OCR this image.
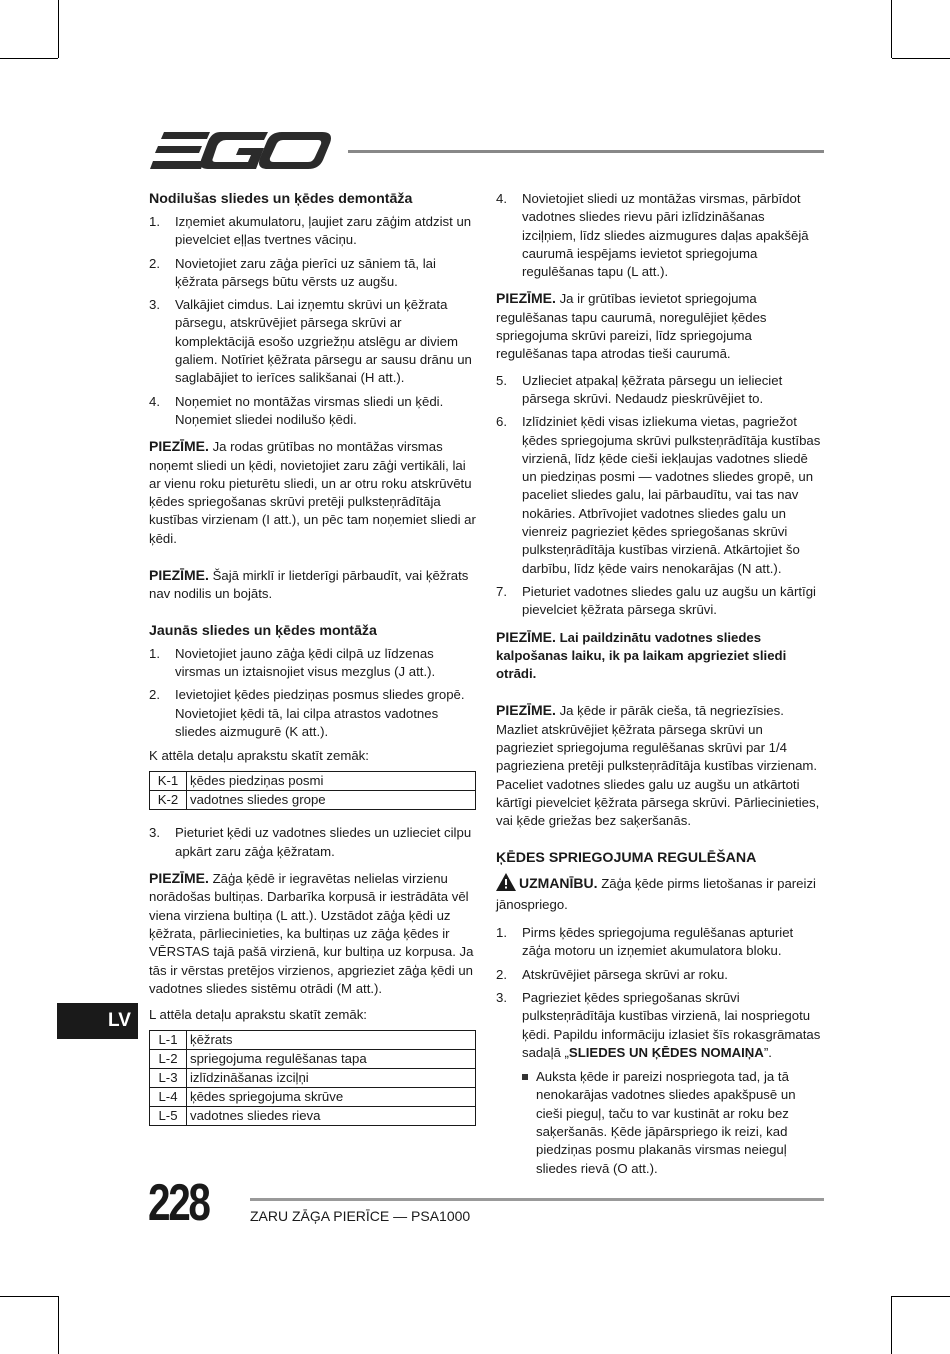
LV
Nodilušas sliedes un ķēdes demontāža
1. Izņemiet akumulatoru, ļaujiet zaru zāģim atdzist un pievelciet eļļas tvertnes vāciņu.
2. Novietojiet zaru zāģa pierīci uz sāniem tā, lai ķēžrata pārsegs būtu vērsts uz augšu.
3. Valkājiet cimdus. Lai izņemtu skrūvi un ķēžrata pārsegu, atskrūvējiet pārsega skrūvi ar komplektācijā esošo uzgriežņu atslēgu ar diviem galiem. Notīriet ķēžrata pārsegu ar sausu drānu un saglabājiet to ierīces salikšanai (H att.).
4. Noņemiet no montāžas virsmas sliedi un ķēdi. Noņemiet sliedei nodilušo ķēdi.

PIEZĪME. Ja rodas grūtības no montāžas virsmas noņemt sliedi un ķēdi, novietojiet zaru zāģi vertikāli, lai ar vienu roku pieturētu sliedi, un ar otru roku atskrūvētu ķēdes spriegošanas skrūvi pretēji pulksteņrādītāja kustības virzienam (I att.), un pēc tam noņemiet sliedi ar ķēdi.

PIEZĪME. Šajā mirklī ir lietderīgi pārbaudīt, vai ķēžrats nav nodilis un bojāts.

Jaunās sliedes un ķēdes montāža
1. Novietojiet jauno zāģa ķēdi cilpā uz līdzenas virsmas un iztaisnojiet visus mezglus (J att.).
2. Ievietojiet ķēdes piedziņas posmus sliedes gropē. Novietojiet ķēdi tā, lai cilpa atrastos vadotnes sliedes aizmugurē (K att.).

K attēla detaļu aprakstu skatīt zemāk:

K-1	ķēdes piedziņas posmi
K-2	vadotnes sliedes grope
3. Pieturiet ķēdi uz vadotnes sliedes un uzlieciet cilpu apkārt zaru zāģa ķēžratam.

PIEZĪME. Zāģa ķēdē ir iegravētas nelielas virzienu norādošas bultiņas. Darbarīka korpusā ir iestrādāta vēl viena virziena bultiņa (L att.). Uzstādot zāģa ķēdi uz ķēžrata, pārliecinieties, ka bultiņas uz zāģa ķēdes ir VĒRSTAS tajā pašā virzienā, kur bultiņa uz korpusa. Ja tās ir vērstas pretējos virzienos, apgrieziet zāģa ķēdi un vadotnes sliedes sistēmu otrādi (M att.).

L attēla detaļu aprakstu skatīt zemāk:

L-1	ķēžrats
L-2	spriegojuma regulēšanas tapa
L-3	izlīdzināšanas izciļņi
L-4	ķēdes spriegojuma skrūve
L-5	vadotnes sliedes rieva
4. Novietojiet sliedi uz montāžas virsmas, pārbīdot vadotnes sliedes rievu pāri izlīdzināšanas izciļņiem, līdz sliedes aizmugures daļas apakšējā caurumā iespējams ievietot spriegojuma regulēšanas tapu (L att.).

PIEZĪME. Ja ir grūtības ievietot spriegojuma regulēšanas tapu caurumā, noregulējiet ķēdes spriegojuma skrūvi pareizi, līdz spriegojuma regulēšanas tapa atrodas tieši caurumā.

5. Uzlieciet atpakaļ ķēžrata pārsegu un ielieciet pārsega skrūvi. Nedaudz pieskrūvējiet to.
6. Izlīdziniet ķēdi visas izliekuma vietas, pagriežot ķēdes spriegojuma skrūvi pulksteņrādītāja kustības virzienā, līdz ķēde cieši iekļaujas vadotnes sliedē un piedziņas posmi — vadotnes sliedes gropē, un paceliet sliedes galu, lai pārbaudītu, vai tas nav nokāries. Atbrīvojiet vadotnes sliedes galu un vienreiz pagrieziet ķēdes spriegošanas skrūvi pulksteņrādītāja kustības virzienā. Atkārtojiet šo darbību, līdz ķēde vairs nenokarājas (N att.).
7. Pieturiet vadotnes sliedes galu uz augšu un kārtīgi pievelciet ķēžrata pārsega skrūvi.

PIEZĪME. Lai paildzinātu vadotnes sliedes kalpošanas laiku, ik pa laikam apgrieziet sliedi otrādi.

PIEZĪME. Ja ķēde ir pārāk cieša, tā negriezīsies. Mazliet atskrūvējiet ķēžrata pārsega skrūvi un pagrieziet spriegojuma regulēšanas skrūvi par 1/4 pagrieziena pretēji pulksteņrādītāja kustības virzienam. Paceliet vadotnes sliedes galu uz augšu un atkārtoti kārtīgi pievelciet ķēžrata pārsega skrūvi. Pārliecinieties, vai ķēde griežas bez saķeršanās.

ĶĒDES SPRIEGOJUMA REGULĒŠANA

UZMANĪBU. Zāģa ķēde pirms lietošanas ir pareizi jānospriego.

1. Pirms ķēdes spriegojuma regulēšanas apturiet zāģa motoru un izņemiet akumulatora bloku.
2. Atskrūvējiet pārsega skrūvi ar roku.
3. Pagrieziet ķēdes spriegošanas skrūvi pulksteņrādītāja kustības virzienā, lai nospriegotu ķēdi. Papildu informāciju izlasiet šīs rokasgrāmatas sadaļā „SLIEDES UN ĶĒDES NOMAIŅA”.
Auksta ķēde ir pareizi nospriegota tad, ja tā nenokarājas vadotnes sliedes apakšpusē un cieši pieguļ, taču to var kustināt ar roku bez saķeršanās. Ķēde jāpārspriego ik reizi, kad piedziņas posmu plakanās virsmas neieguļ sliedes rievā (O att.).
228	ZARU ZĀĢA PIERĪCE — PSA1000
